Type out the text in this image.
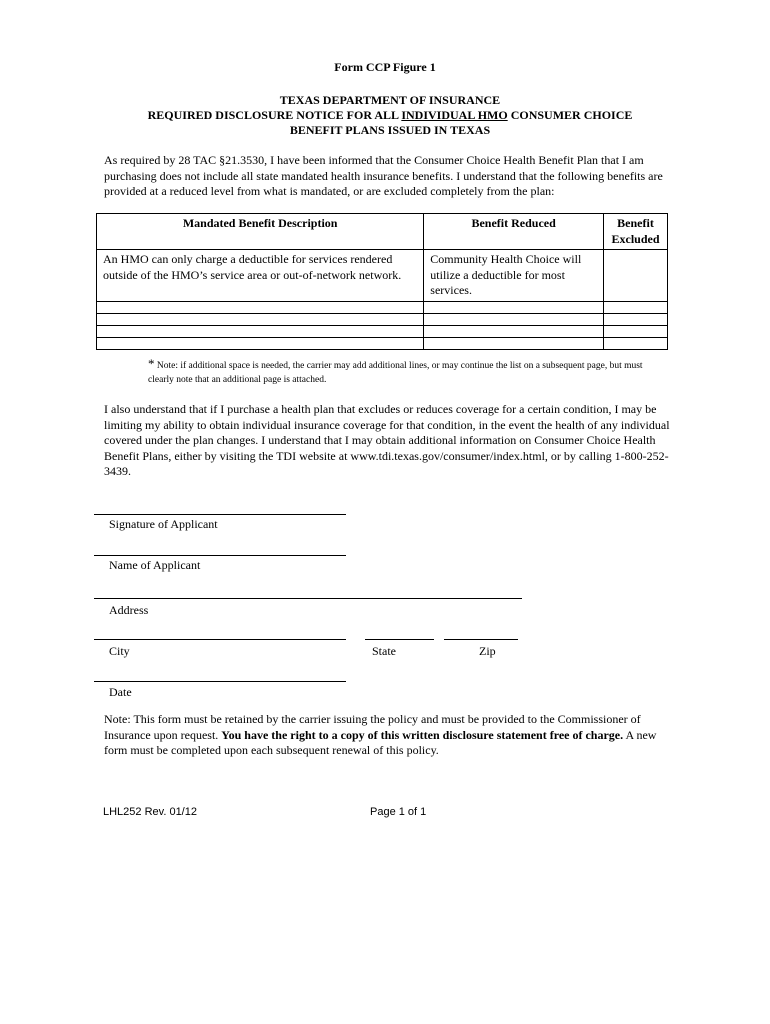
Form CCP Figure 1
TEXAS DEPARTMENT OF INSURANCE
REQUIRED DISCLOSURE NOTICE FOR ALL INDIVIDUAL HMO CONSUMER CHOICE
BENEFIT PLANS ISSUED IN TEXAS
As required by 28 TAC §21.3530, I have been informed that the Consumer Choice Health Benefit Plan that I am purchasing does not include all state mandated health insurance benefits. I understand that the following benefits are provided at a reduced level from what is mandated, or are excluded completely from the plan:
Mandated Benefit Description	Benefit Reduced	Benefit Excluded
An HMO can only charge a deductible for services rendered outside of the HMO’s service area or out-of-network network.	Community Health Choice will utilize a deductible for most services.	

* Note: if additional space is needed, the carrier may add additional lines, or may continue the list on a subsequent page, but must clearly note that an additional page is attached.
I also understand that if I purchase a health plan that excludes or reduces coverage for a certain condition, I may be limiting my ability to obtain individual insurance coverage for that condition, in the event the health of any individual covered under the plan changes. I understand that I may obtain additional information on Consumer Choice Health Benefit Plans, either by visiting the TDI website at www.tdi.texas.gov/consumer/index.html, or by calling 1-800-252-3439.
Signature of Applicant
Name of Applicant
Address
City	State	Zip
Date
Note: This form must be retained by the carrier issuing the policy and must be provided to the Commissioner of Insurance upon request. You have the right to a copy of this written disclosure statement free of charge. A new form must be completed upon each subsequent renewal of this policy.
LHL252 Rev. 01/12	Page 1 of 1
